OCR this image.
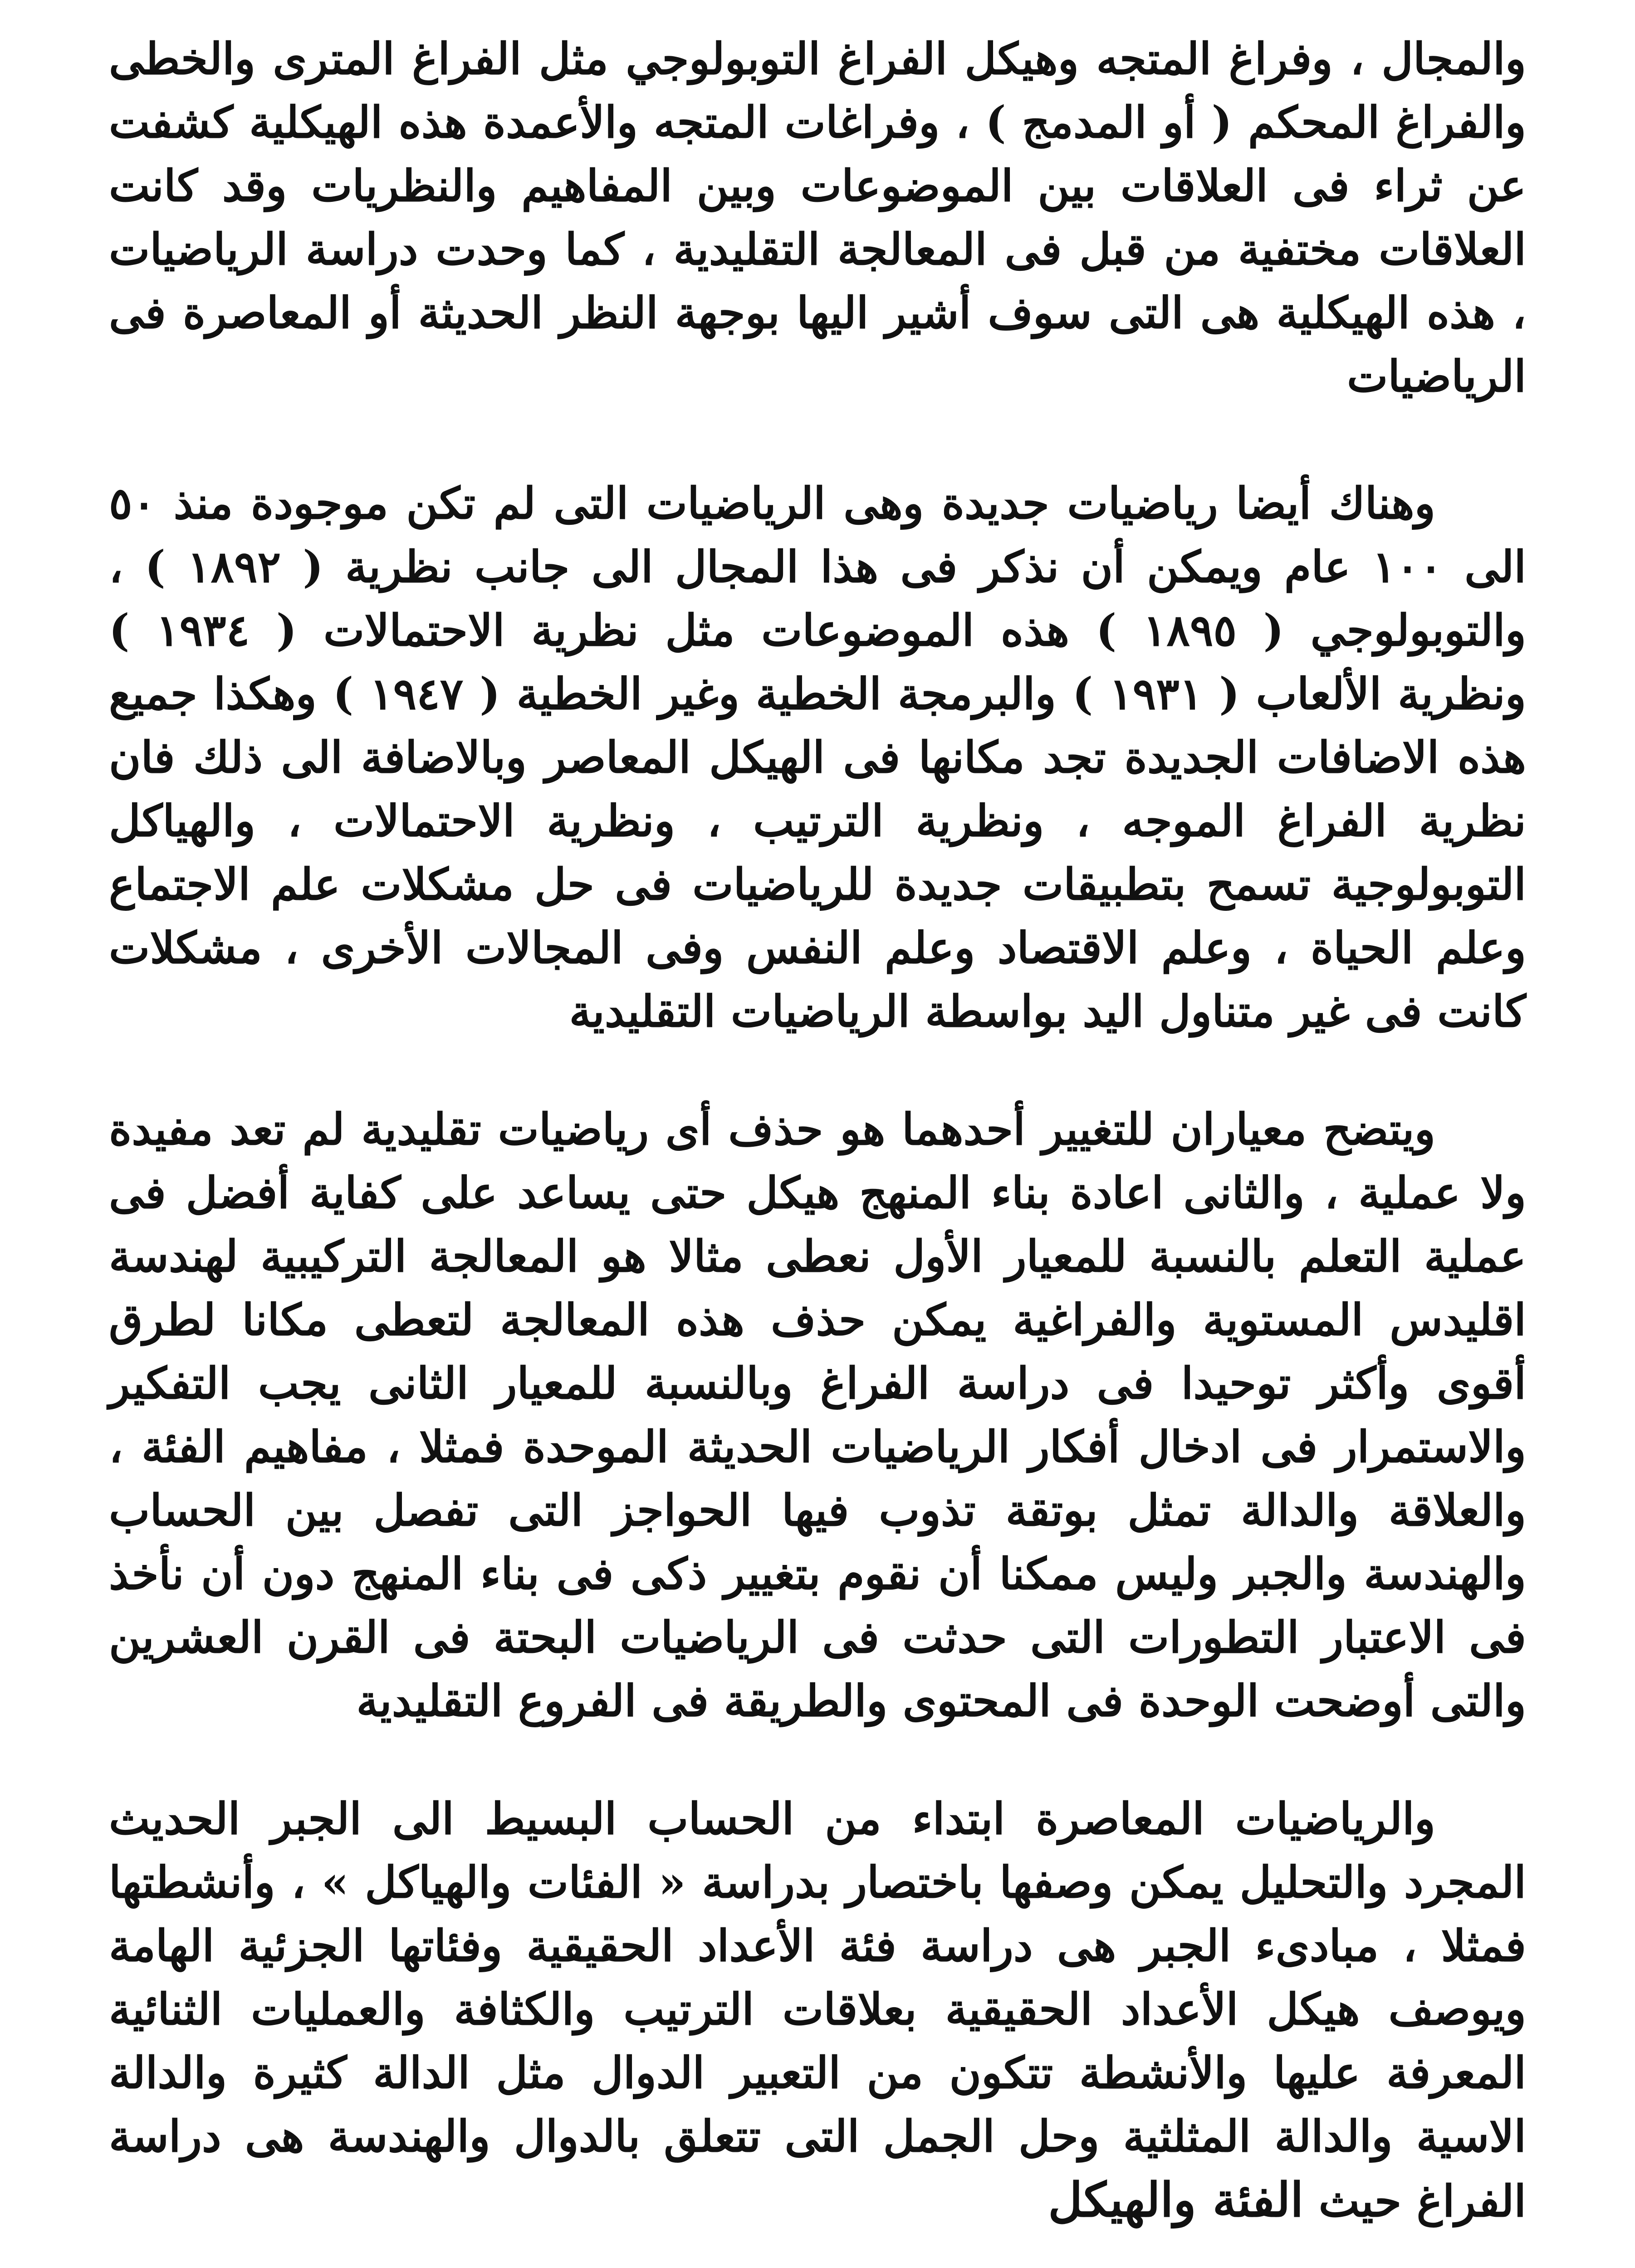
والمجال ، وفراغ المتجه وهيكل الفراغ التوبولوجي مثل الفراغ المترى والخطى والفراغ المحكم ( أو المدمج ) ، وفراغات المتجه والأعمدة هذه الهيكلية كشفت عن ثراء فى العلاقات بين الموضوعات وبين المفاهيم والنظريات وقد كانت العلاقات مختفية من قبل فى المعالجة التقليدية ، كما وحدت دراسة الرياضيات ، هذه الهيكلية هى التى سوف أشير اليها بوجهة النظر الحديثة أو المعاصرة فى الرياضيات

وهناك أيضا رياضيات جديدة وهى الرياضيات التى لم تكن موجودة منذ ٥٠ الى ١٠٠ عام ويمكن أن نذكر فى هذا المجال الى جانب نظرية ( ١٨٩٢ ) ، والتوبولوجي ( ١٨٩٥ ) هذه الموضوعات مثل نظرية الاحتمالات ( ١٩٣٤ ) ونظرية الألعاب ( ١٩٣١ ) والبرمجة الخطية وغير الخطية ( ١٩٤٧ ) وهكذا جميع هذه الاضافات الجديدة تجد مكانها فى الهيكل المعاصر وبالاضافة الى ذلك فان نظرية الفراغ الموجه ، ونظرية الترتيب ، ونظرية الاحتمالات ، والهياكل التوبولوجية تسمح بتطبيقات جديدة للرياضيات فى حل مشكلات علم الاجتماع وعلم الحياة ، وعلم الاقتصاد وعلم النفس وفى المجالات الأخرى ، مشكلات كانت فى غير متناول اليد بواسطة الرياضيات التقليدية

ويتضح معياران للتغيير أحدهما هو حذف أى رياضيات تقليدية لم تعد مفيدة ولا عملية ، والثانى اعادة بناء المنهج هيكل حتى يساعد على كفاية أفضل فى عملية التعلم بالنسبة للمعيار الأول نعطى مثالا هو المعالجة التركيبية لهندسة اقليدس المستوية والفراغية يمكن حذف هذه المعالجة لتعطى مكانا لطرق أقوى وأكثر توحيدا فى دراسة الفراغ وبالنسبة للمعيار الثانى يجب التفكير والاستمرار فى ادخال أفكار الرياضيات الحديثة الموحدة فمثلا ، مفاهيم الفئة ، والعلاقة والدالة تمثل بوتقة تذوب فيها الحواجز التى تفصل بين الحساب والهندسة والجبر وليس ممكنا أن نقوم بتغيير ذكى فى بناء المنهج دون أن نأخذ فى الاعتبار التطورات التى حدثت فى الرياضيات البحتة فى القرن العشرين والتى أوضحت الوحدة فى المحتوى والطريقة فى الفروع التقليدية

والرياضيات المعاصرة ابتداء من الحساب البسيط الى الجبر الحديث المجرد والتحليل يمكن وصفها باختصار بدراسة « الفئات والهياكل » ، وأنشطتها فمثلا ، مبادىء الجبر هى دراسة فئة الأعداد الحقيقية وفئاتها الجزئية الهامة ويوصف هيكل الأعداد الحقيقية بعلاقات الترتيب والكثافة والعمليات الثنائية المعرفة عليها والأنشطة تتكون من التعبير الدوال مثل الدالة كثيرة والدالة الاسية والدالة المثلثية وحل الجمل التى تتعلق بالدوال والهندسة هى دراسة الفراغ حيث الفئة والهيكل
